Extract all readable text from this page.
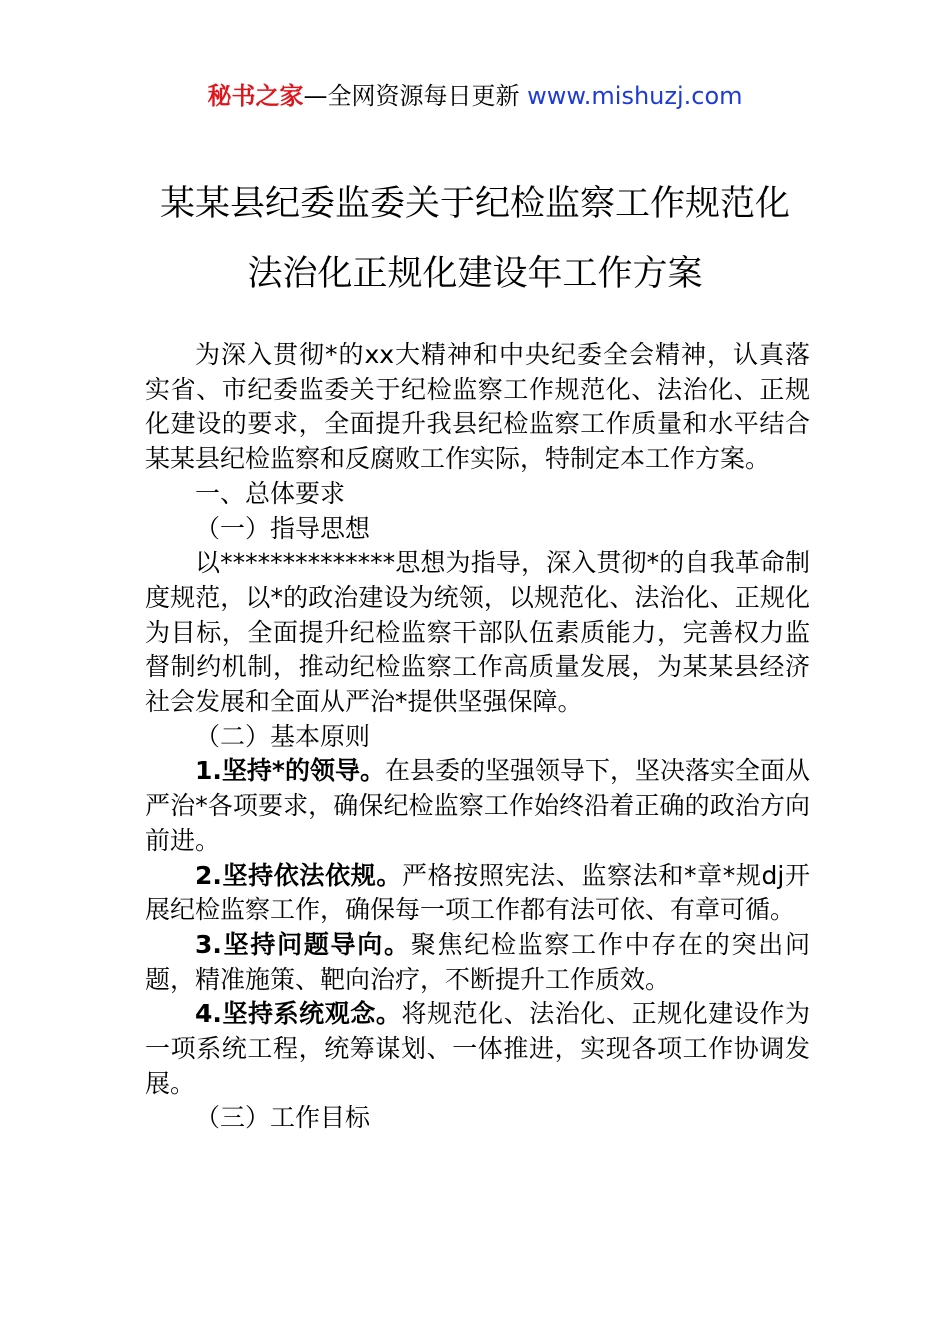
秘书之家—全网资源每日更新 www.mishuzj.com
某某县纪委监委关于纪检监察工作规范化
法治化正规化建设年工作方案

为深入贯彻*的xx大精神和中央纪委全会精神，认真落实省、市纪委监委关于纪检监察工作规范化、法治化、正规化建设的要求，全面提升我县纪检监察工作质量和水平结合某某县纪检监察和反腐败工作实际，特制定本工作方案。

一、总体要求

（一）指导思想

以**************思想为指导，深入贯彻*的自我革命制度规范，以*的政治建设为统领，以规范化、法治化、正规化为目标，全面提升纪检监察干部队伍素质能力，完善权力监督制约机制，推动纪检监察工作高质量发展，为某某县经济社会发展和全面从严治*提供坚强保障。

（二）基本原则

1.坚持*的领导。在县委的坚强领导下，坚决落实全面从严治*各项要求，确保纪检监察工作始终沿着正确的政治方向前进。

2.坚持依法依规。严格按照宪法、监察法和*章*规dj开展纪检监察工作，确保每一项工作都有法可依、有章可循。

3.坚持问题导向。聚焦纪检监察工作中存在的突出问题，精准施策、靶向治疗，不断提升工作质效。

4.坚持系统观念。将规范化、法治化、正规化建设作为一项系统工程，统筹谋划、一体推进，实现各项工作协调发展。

（三）工作目标
